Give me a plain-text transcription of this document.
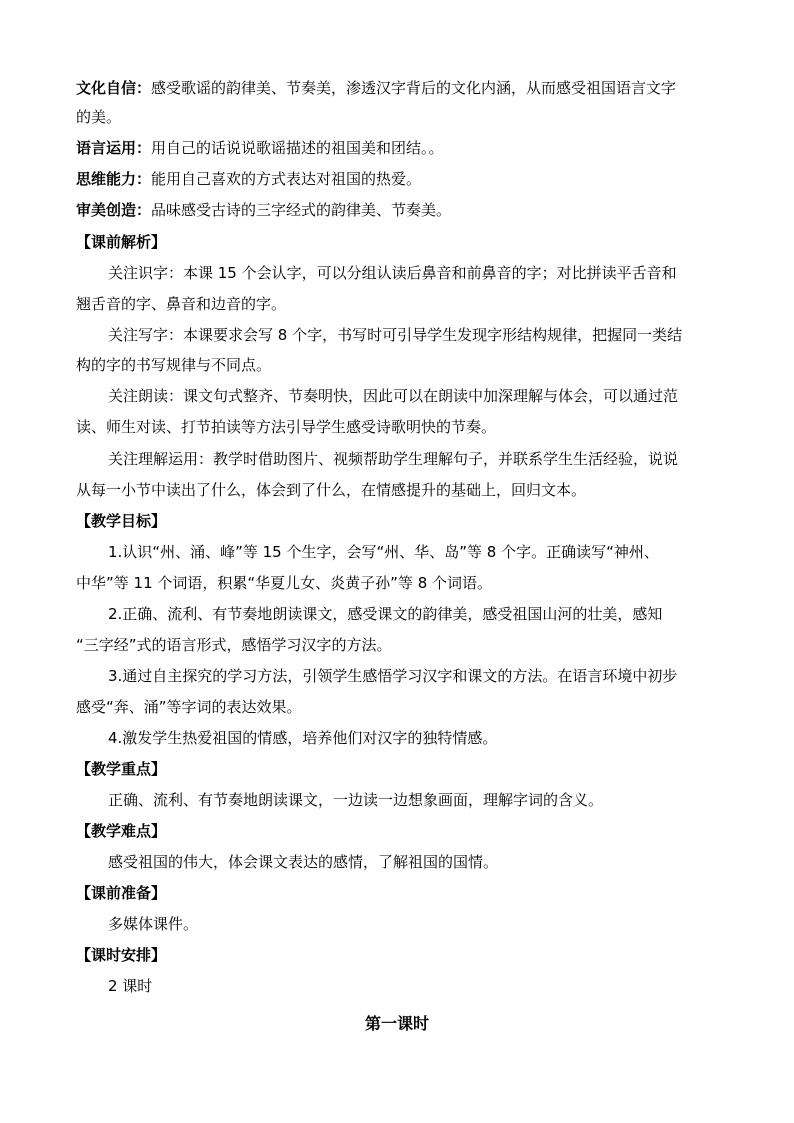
文化自信：感受歌谣的韵律美、节奏美，渗透汉字背后的文化内涵，从而感受祖国语言文字
的美。
语言运用：用自己的话说说歌谣描述的祖国美和团结。。
思维能力：能用自己喜欢的方式表达对祖国的热爱。
审美创造：品味感受古诗的三字经式的韵律美、节奏美。
【课前解析】
关注识字：本课 15 个会认字，可以分组认读后鼻音和前鼻音的字；对比拼读平舌音和
翘舌音的字、鼻音和边音的字。
关注写字：本课要求会写 8 个字，书写时可引导学生发现字形结构规律，把握同一类结
构的字的书写规律与不同点。
关注朗读：课文句式整齐、节奏明快，因此可以在朗读中加深理解与体会，可以通过范
读、师生对读、打节拍读等方法引导学生感受诗歌明快的节奏。
关注理解运用：教学时借助图片、视频帮助学生理解句子，并联系学生生活经验，说说
从每一小节中读出了什么，体会到了什么，在情感提升的基础上，回归文本。
【教学目标】
1.认识“州、涌、峰”等 15 个生字，会写“州、华、岛”等 8 个字。正确读写“神州、
中华”等 11 个词语，积累“华夏儿女、炎黄子孙”等 8 个词语。
2.正确、流利、有节奏地朗读课文，感受课文的韵律美，感受祖国山河的壮美，感知
“三字经”式的语言形式，感悟学习汉字的方法。
3.通过自主探究的学习方法，引领学生感悟学习汉字和课文的方法。在语言环境中初步
感受“奔、涌”等字词的表达效果。
4.激发学生热爱祖国的情感，培养他们对汉字的独特情感。
【教学重点】
正确、流利、有节奏地朗读课文，一边读一边想象画面，理解字词的含义。
【教学难点】
感受祖国的伟大，体会课文表达的感情，了解祖国的国情。
【课前准备】
多媒体课件。
【课时安排】
2 课时
第一课时
